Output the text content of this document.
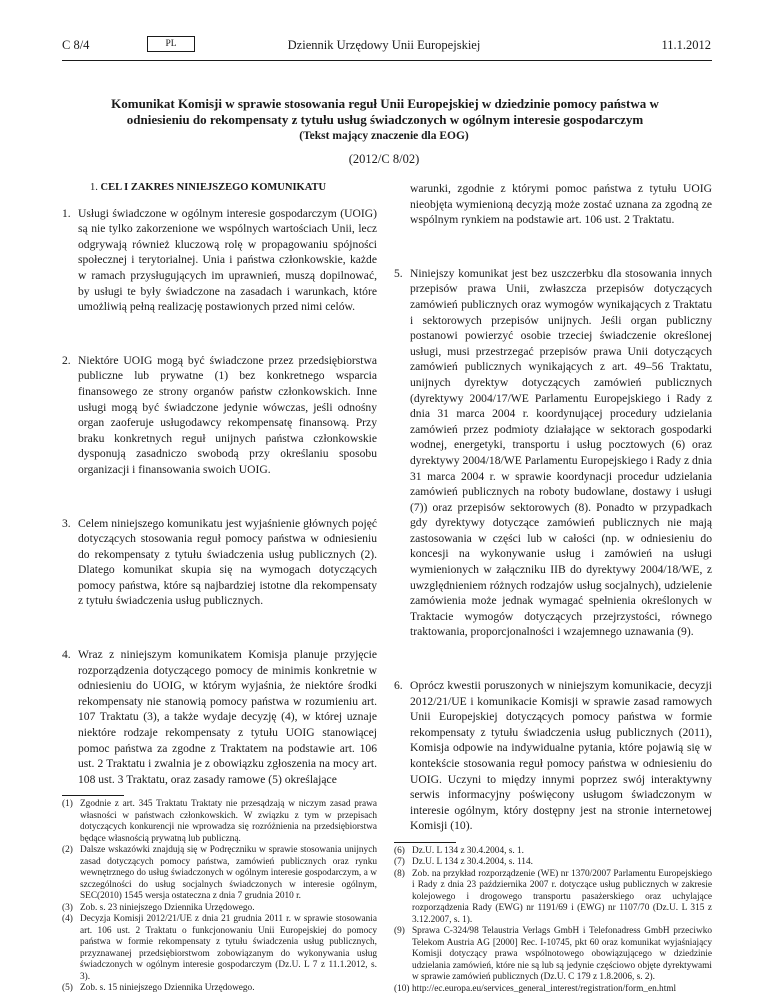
C 8/4	PL	Dziennik Urzędowy Unii Europejskiej	11.1.2012
Komunikat Komisji w sprawie stosowania reguł Unii Europejskiej w dziedzinie pomocy państwa w odniesieniu do rekompensaty z tytułu usług świadczonych w ogólnym interesie gospodarczym
(Tekst mający znaczenie dla EOG)
(2012/C 8/02)
1. CEL I ZAKRES NINIEJSZEGO KOMUNIKATU
1. Usługi świadczone w ogólnym interesie gospodarczym (UOIG) są nie tylko zakorzenione we wspólnych wartościach Unii, lecz odgrywają również kluczową rolę w propagowaniu spójności społecznej i terytorialnej. Unia i państwa członkowskie, każde w ramach przysługujących im uprawnień, muszą dopilnować, by usługi te były świadczone na zasadach i warunkach, które umożliwią pełną realizację postawionych przed nimi celów.
2. Niektóre UOIG mogą być świadczone przez przedsiębiorstwa publiczne lub prywatne (1) bez konkretnego wsparcia finansowego ze strony organów państw członkowskich. Inne usługi mogą być świadczone jedynie wówczas, jeśli odnośny organ zaoferuje usługodawcy rekompensatę finansową. Przy braku konkretnych reguł unijnych państwa członkowskie dysponują zasadniczo swobodą przy określaniu sposobu organizacji i finansowania swoich UOIG.
3. Celem niniejszego komunikatu jest wyjaśnienie głównych pojęć dotyczących stosowania reguł pomocy państwa w odniesieniu do rekompensaty z tytułu świadczenia usług publicznych (2). Dlatego komunikat skupia się na wymogach dotyczących pomocy państwa, które są najbardziej istotne dla rekompensaty z tytułu świadczenia usług publicznych.
4. Wraz z niniejszym komunikatem Komisja planuje przyjęcie rozporządzenia dotyczącego pomocy de minimis konkretnie w odniesieniu do UOIG, w którym wyjaśnia, że niektóre środki rekompensaty nie stanowią pomocy państwa w rozumieniu art. 107 Traktatu (3), a także wydaje decyzję (4), w której uznaje niektóre rodzaje rekompensaty z tytułu UOIG stanowiącej pomoc państwa za zgodne z Traktatem na podstawie art. 106 ust. 2 Traktatu i zwalnia je z obowiązku zgłoszenia na mocy art. 108 ust. 3 Traktatu, oraz zasady ramowe (5) określające
(1) Zgodnie z art. 345 Traktatu Traktaty nie przesądzają w niczym zasad prawa własności w państwach członkowskich. W związku z tym w przepisach dotyczących konkurencji nie wprowadza się rozróżnienia na przedsiębiorstwa będące własnością prywatną lub publiczną.
(2) Dalsze wskazówki znajdują się w Podręczniku w sprawie stosowania unijnych zasad dotyczących pomocy państwa, zamówień publicznych oraz rynku wewnętrznego do usług świadczonych w ogólnym interesie gospodarczym, a w szczególności do usług socjalnych świadczonych w interesie ogólnym, SEC(2010) 1545 wersja ostateczna z dnia 7 grudnia 2010 r.
(3) Zob. s. 23 niniejszego Dziennika Urzędowego.
(4) Decyzja Komisji 2012/21/UE z dnia 21 grudnia 2011 r. w sprawie stosowania art. 106 ust. 2 Traktatu o funkcjonowaniu Unii Europejskiej do pomocy państwa w formie rekompensaty z tytułu świadczenia usług publicznych, przyznawanej przedsiębiorstwom zobowiązanym do wykonywania usług świadczonych w ogólnym interesie gospodarczym (Dz.U. L 7 z 11.1.2012, s. 3).
(5) Zob. s. 15 niniejszego Dziennika Urzędowego.
warunki, zgodnie z którymi pomoc państwa z tytułu UOIG nieobjęta wymienioną decyzją może zostać uznana za zgodną ze wspólnym rynkiem na podstawie art. 106 ust. 2 Traktatu.
5. Niniejszy komunikat jest bez uszczerbku dla stosowania innych przepisów prawa Unii, zwłaszcza przepisów dotyczących zamówień publicznych oraz wymogów wynikających z Traktatu i sektorowych przepisów unijnych. Jeśli organ publiczny postanowi powierzyć osobie trzeciej świadczenie określonej usługi, musi przestrzegać przepisów prawa Unii dotyczących zamówień publicznych wynikających z art. 49–56 Traktatu, unijnych dyrektyw dotyczących zamówień publicznych (dyrektywy 2004/17/WE Parlamentu Europejskiego i Rady z dnia 31 marca 2004 r. koordynującej procedury udzielania zamówień przez podmioty działające w sektorach gospodarki wodnej, energetyki, transportu i usług pocztowych (6) oraz dyrektywy 2004/18/WE Parlamentu Europejskiego i Rady z dnia 31 marca 2004 r. w sprawie koordynacji procedur udzielania zamówień publicznych na roboty budowlane, dostawy i usługi (7)) oraz przepisów sektorowych (8). Ponadto w przypadkach gdy dyrektywy dotyczące zamówień publicznych nie mają zastosowania w części lub w całości (np. w odniesieniu do koncesji na wykonywanie usług i zamówień na usługi wymienionych w załączniku IIB do dyrektywy 2004/18/WE, z uwzględnieniem różnych rodzajów usług socjalnych), udzielenie zamówienia może jednak wymagać spełnienia określonych w Traktacie wymogów dotyczących przejrzystości, równego traktowania, proporcjonalności i wzajemnego uznawania (9).
6. Oprócz kwestii poruszonych w niniejszym komunikacie, decyzji 2012/21/UE i komunikacie Komisji w sprawie zasad ramowych Unii Europejskiej dotyczących pomocy państwa w formie rekompensaty z tytułu świadczenia usług publicznych (2011), Komisja odpowie na indywidualne pytania, które pojawią się w kontekście stosowania reguł pomocy państwa w odniesieniu do UOIG. Uczyni to między innymi poprzez swój interaktywny serwis informacyjny poświęcony usługom świadczonym w interesie ogólnym, który dostępny jest na stronie internetowej Komisji (10).
(6) Dz.U. L 134 z 30.4.2004, s. 1.
(7) Dz.U. L 134 z 30.4.2004, s. 114.
(8) Zob. na przykład rozporządzenie (WE) nr 1370/2007 Parlamentu Europejskiego i Rady z dnia 23 października 2007 r. dotyczące usług publicznych w zakresie kolejowego i drogowego transportu pasażerskiego oraz uchylające rozporządzenia Rady (EWG) nr 1191/69 i (EWG) nr 1107/70 (Dz.U. L 315 z 3.12.2007, s. 1).
(9) Sprawa C-324/98 Telaustria Verlags GmbH i Telefonadress GmbH przeciwko Telekom Austria AG [2000] Rec. I-10745, pkt 60 oraz komunikat wyjaśniający Komisji dotyczący prawa wspólnotowego obowiązującego w dziedzinie udzielania zamówień, które nie są lub są jedynie częściowo objęte dyrektywami w sprawie zamówień publicznych (Dz.U. C 179 z 1.8.2006, s. 2).
(10) http://ec.europa.eu/services_general_interest/registration/form_en.html
